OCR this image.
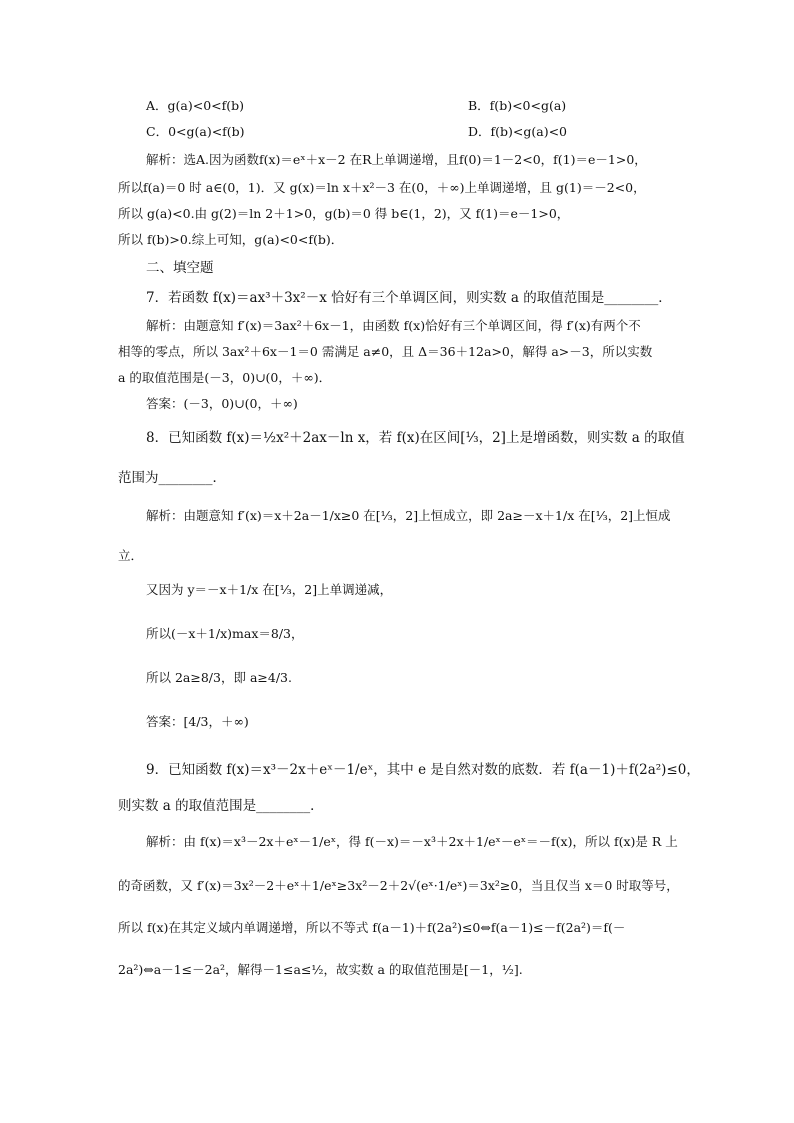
A．g(a)<0<f(b)	B．f(b)<0<g(a)
C．0<g(a)<f(b)	D．f(b)<g(a)<0
解析：选A.因为函数f(x)＝eˣ＋x－2 在R上单调递增，且f(0)＝1－2<0，f(1)＝e－1>0，
所以f(a)＝0 时 a∈(0，1)．又 g(x)＝ln x＋x²－3 在(0，＋∞)上单调递增，且 g(1)＝－2<0，
所以 g(a)<0.由 g(2)＝ln 2＋1>0，g(b)＝0 得 b∈(1，2)，又 f(1)＝e－1>0，
所以 f(b)>0.综上可知，g(a)<0<f(b)．
二、填空题
7．若函数 f(x)＝ax³＋3x²－x 恰好有三个单调区间，则实数 a 的取值范围是________．
解析：由题意知 f′(x)＝3ax²＋6x－1，由函数 f(x)恰好有三个单调区间，得 f′(x)有两个不
相等的零点，所以 3ax²＋6x－1＝0 需满足 a≠0，且 Δ＝36＋12a>0，解得 a>－3，所以实数
a 的取值范围是(－3，0)∪(0，＋∞)．
答案：(－3，0)∪(0，＋∞)
8．已知函数 f(x)＝½x²＋2ax－ln x，若 f(x)在区间[⅓，2]上是增函数，则实数 a 的取值
范围为________．
解析：由题意知 f′(x)＝x＋2a－1/x≥0 在[⅓，2]上恒成立，即 2a≥－x＋1/x 在[⅓，2]上恒成
立．
又因为 y＝－x＋1/x 在[⅓，2]上单调递减，
所以(－x＋1/x)max＝8/3，
所以 2a≥8/3，即 a≥4/3.
答案：[4/3，＋∞)
9．已知函数 f(x)＝x³－2x＋eˣ－1/eˣ，其中 e 是自然对数的底数．若 f(a－1)＋f(2a²)≤0，
则实数 a 的取值范围是________．
解析：由 f(x)＝x³－2x＋eˣ－1/eˣ，得 f(－x)＝－x³＋2x＋1/eˣ－eˣ＝－f(x)，所以 f(x)是 R 上
的奇函数，又 f′(x)＝3x²－2＋eˣ＋1/eˣ≥3x²－2＋2√(eˣ·1/eˣ)＝3x²≥0，当且仅当 x＝0 时取等号，
所以 f(x)在其定义域内单调递增，所以不等式 f(a－1)＋f(2a²)≤0⇔f(a－1)≤－f(2a²)＝f(－
2a²)⇔a－1≤－2a²，解得－1≤a≤½，故实数 a 的取值范围是[－1，½].
